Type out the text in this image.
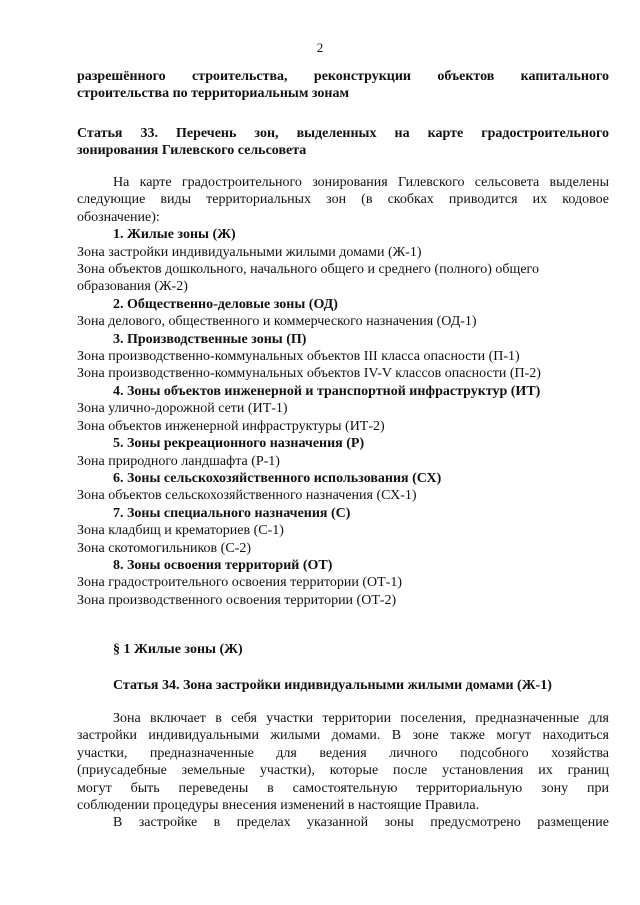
2
разрешённого строительства, реконструкции объектов капитального
строительства по территориальным зонам
Статья 33. Перечень зон, выделенных на карте градостроительного
зонирования Гилевского сельсовета
На карте градостроительного зонирования Гилевского сельсовета выделены
следующие виды территориальных зон (в скобках приводится их кодовое
обозначение):
1. Жилые зоны (Ж)

Зона застройки индивидуальными жилыми домами (Ж-1)

Зона объектов дошкольного, начального общего и среднего (полного) общего

образования (Ж-2)

2. Общественно-деловые зоны (ОД)

Зона делового, общественного и коммерческого назначения (ОД-1)

3. Производственные зоны (П)

Зона производственно-коммунальных объектов III класса опасности (П-1)

Зона производственно-коммунальных объектов IV-V классов опасности (П-2)

4. Зоны объектов инженерной и транспортной инфраструктур (ИТ)

Зона улично-дорожной сети (ИТ-1)

Зона объектов инженерной инфраструктуры (ИТ-2)

5. Зоны рекреационного назначения (Р)

Зона природного ландшафта (Р-1)

6. Зоны сельскохозяйственного использования (СХ)

Зона объектов сельскохозяйственного назначения (СХ-1)

7. Зоны специального назначения (С)

Зона кладбищ и крематориев (С-1)

Зона скотомогильников (С-2)

8. Зоны освоения территорий (ОТ)

Зона градостроительного освоения территории (ОТ-1)

Зона производственного освоения территории (ОТ-2)

§ 1 Жилые зоны (Ж)
Статья 34. Зона застройки индивидуальными жилыми домами (Ж-1)
Зона включает в себя участки территории поселения, предназначенные для
застройки индивидуальными жилыми домами. В зоне также могут находиться
участки, предназначенные для ведения личного подсобного хозяйства
(приусадебные земельные участки), которые после установления их границ
могут быть переведены в самостоятельную территориальную зону при
соблюдении процедуры внесения изменений в настоящие Правила.
В застройке в пределах указанной зоны предусмотрено размещение
